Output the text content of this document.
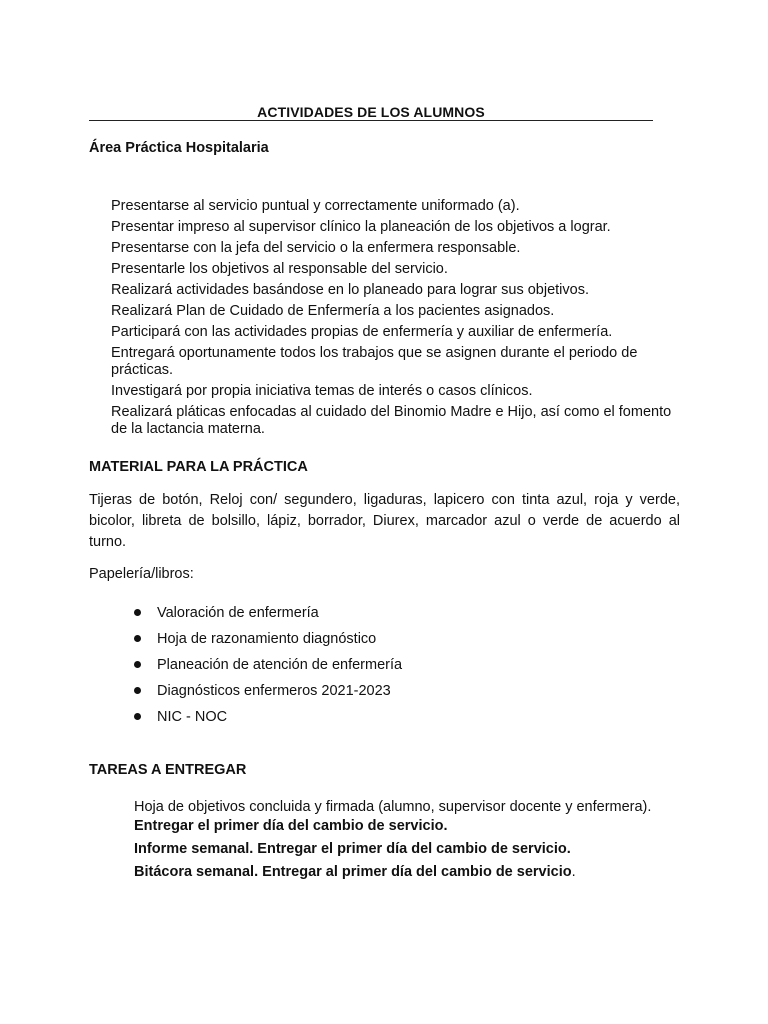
ACTIVIDADES DE LOS ALUMNOS
Área Práctica Hospitalaria
Presentarse al servicio puntual y correctamente uniformado (a).
Presentar impreso al supervisor clínico la planeación de los objetivos a lograr.
Presentarse con la jefa del servicio o la enfermera responsable.
Presentarle los objetivos al responsable del servicio.
Realizará actividades basándose en lo planeado para lograr sus objetivos.
Realizará Plan de Cuidado de Enfermería a los pacientes asignados.
Participará con las actividades propias de enfermería y auxiliar de enfermería.
Entregará oportunamente todos los trabajos que se asignen durante el periodo de prácticas.
Investigará por propia iniciativa temas de interés o casos clínicos.
Realizará pláticas enfocadas al cuidado del Binomio Madre e Hijo, así como el fomento de la lactancia materna.
MATERIAL PARA LA PRÁCTICA

Tijeras de botón, Reloj con/ segundero, ligaduras, lapicero con tinta azul, roja y verde, bicolor, libreta de bolsillo, lápiz, borrador, Diurex, marcador azul o verde de acuerdo al turno.

Papelería/libros:
Valoración de enfermería
Hoja de razonamiento diagnóstico
Planeación de atención de enfermería
Diagnósticos enfermeros 2021-2023
NIC - NOC
TAREAS A ENTREGAR
Hoja de objetivos concluida y firmada (alumno, supervisor docente y enfermera).
Entregar el primer día del cambio de servicio.
Informe semanal. Entregar el primer día del cambio de servicio.
Bitácora semanal. Entregar al primer día del cambio de servicio.
